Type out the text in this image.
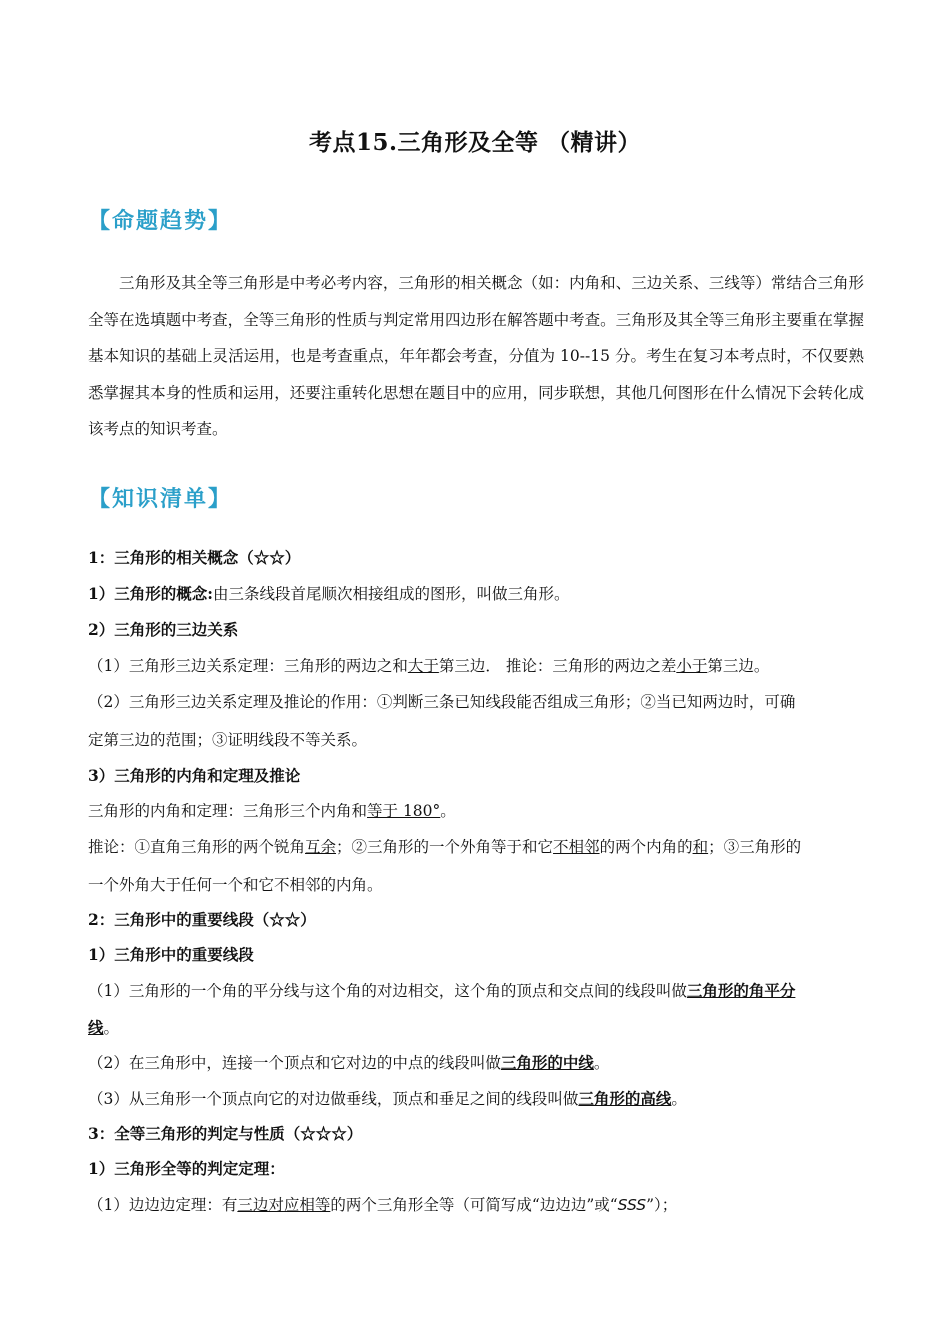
考点15.三角形及全等 （精讲）
【命题趋势】

三角形及其全等三角形是中考必考内容，三角形的相关概念（如：内角和、三边关系、三线等）常结合三角形全等在选填题中考查，全等三角形的性质与判定常用四边形在解答题中考查。三角形及其全等三角形主要重在掌握基本知识的基础上灵活运用，也是考查重点，年年都会考查，分值为 10--15 分。考生在复习本考点时，不仅要熟悉掌握其本身的性质和运用，还要注重转化思想在题目中的应用，同步联想，其他几何图形在什么情况下会转化成该考点的知识考查。

【知识清单】
1：三角形的相关概念（☆☆）
1）三角形的概念:由三条线段首尾顺次相接组成的图形，叫做三角形。
2）三角形的三边关系
（1）三角形三边关系定理：三角形的两边之和大于第三边． 推论：三角形的两边之差小于第三边。
（2）三角形三边关系定理及推论的作用：①判断三条已知线段能否组成三角形；②当已知两边时，可确
定第三边的范围；③证明线段不等关系。
3）三角形的内角和定理及推论
三角形的内角和定理：三角形三个内角和等于 180°。
推论：①直角三角形的两个锐角互余；②三角形的一个外角等于和它不相邻的两个内角的和；③三角形的
一个外角大于任何一个和它不相邻的内角。
2：三角形中的重要线段（☆☆）
1）三角形中的重要线段
（1）三角形的一个角的平分线与这个角的对边相交，这个角的顶点和交点间的线段叫做三角形的角平分
线。
（2）在三角形中，连接一个顶点和它对边的中点的线段叫做三角形的中线。
（3）从三角形一个顶点向它的对边做垂线，顶点和垂足之间的线段叫做三角形的高线。
3：全等三角形的判定与性质（☆☆☆）
1）三角形全等的判定定理：
（1）边边边定理：有三边对应相等的两个三角形全等（可简写成“边边边”或“SSS”）；
